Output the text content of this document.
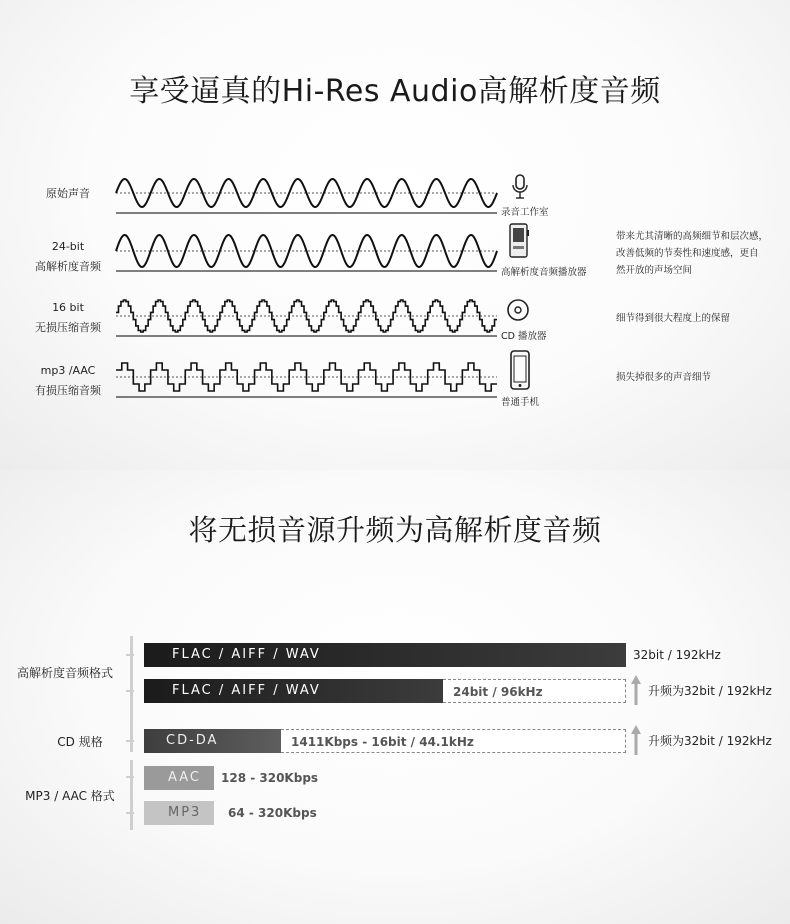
享受逼真的Hi-Res Audio高解析度音频
原始声音
24-bit
高解析度音频
16 bit
无损压缩音频
mp3 /AAC
有损压缩音频
录音工作室
高解析度音频播放器
CD 播放器
普通手机
带来尤其清晰的高频细节和层次感，
改善低频的节奏性和速度感，更自
然开放的声场空间
细节得到很大程度上的保留
损失掉很多的声音细节
将无损音源升频为高解析度音频
高解析度音频格式
CD 规格
MP3 / AAC 格式
FLAC / AIFF / WAV	32bit / 192kHz
FLAC / AIFF / WAV	24bit / 96kHz	升频为32bit / 192kHz
CD-DA	1411Kbps - 16bit / 44.1kHz	升频为32bit / 192kHz
AAC	128 - 320Kbps
MP3	64 - 320Kbps
